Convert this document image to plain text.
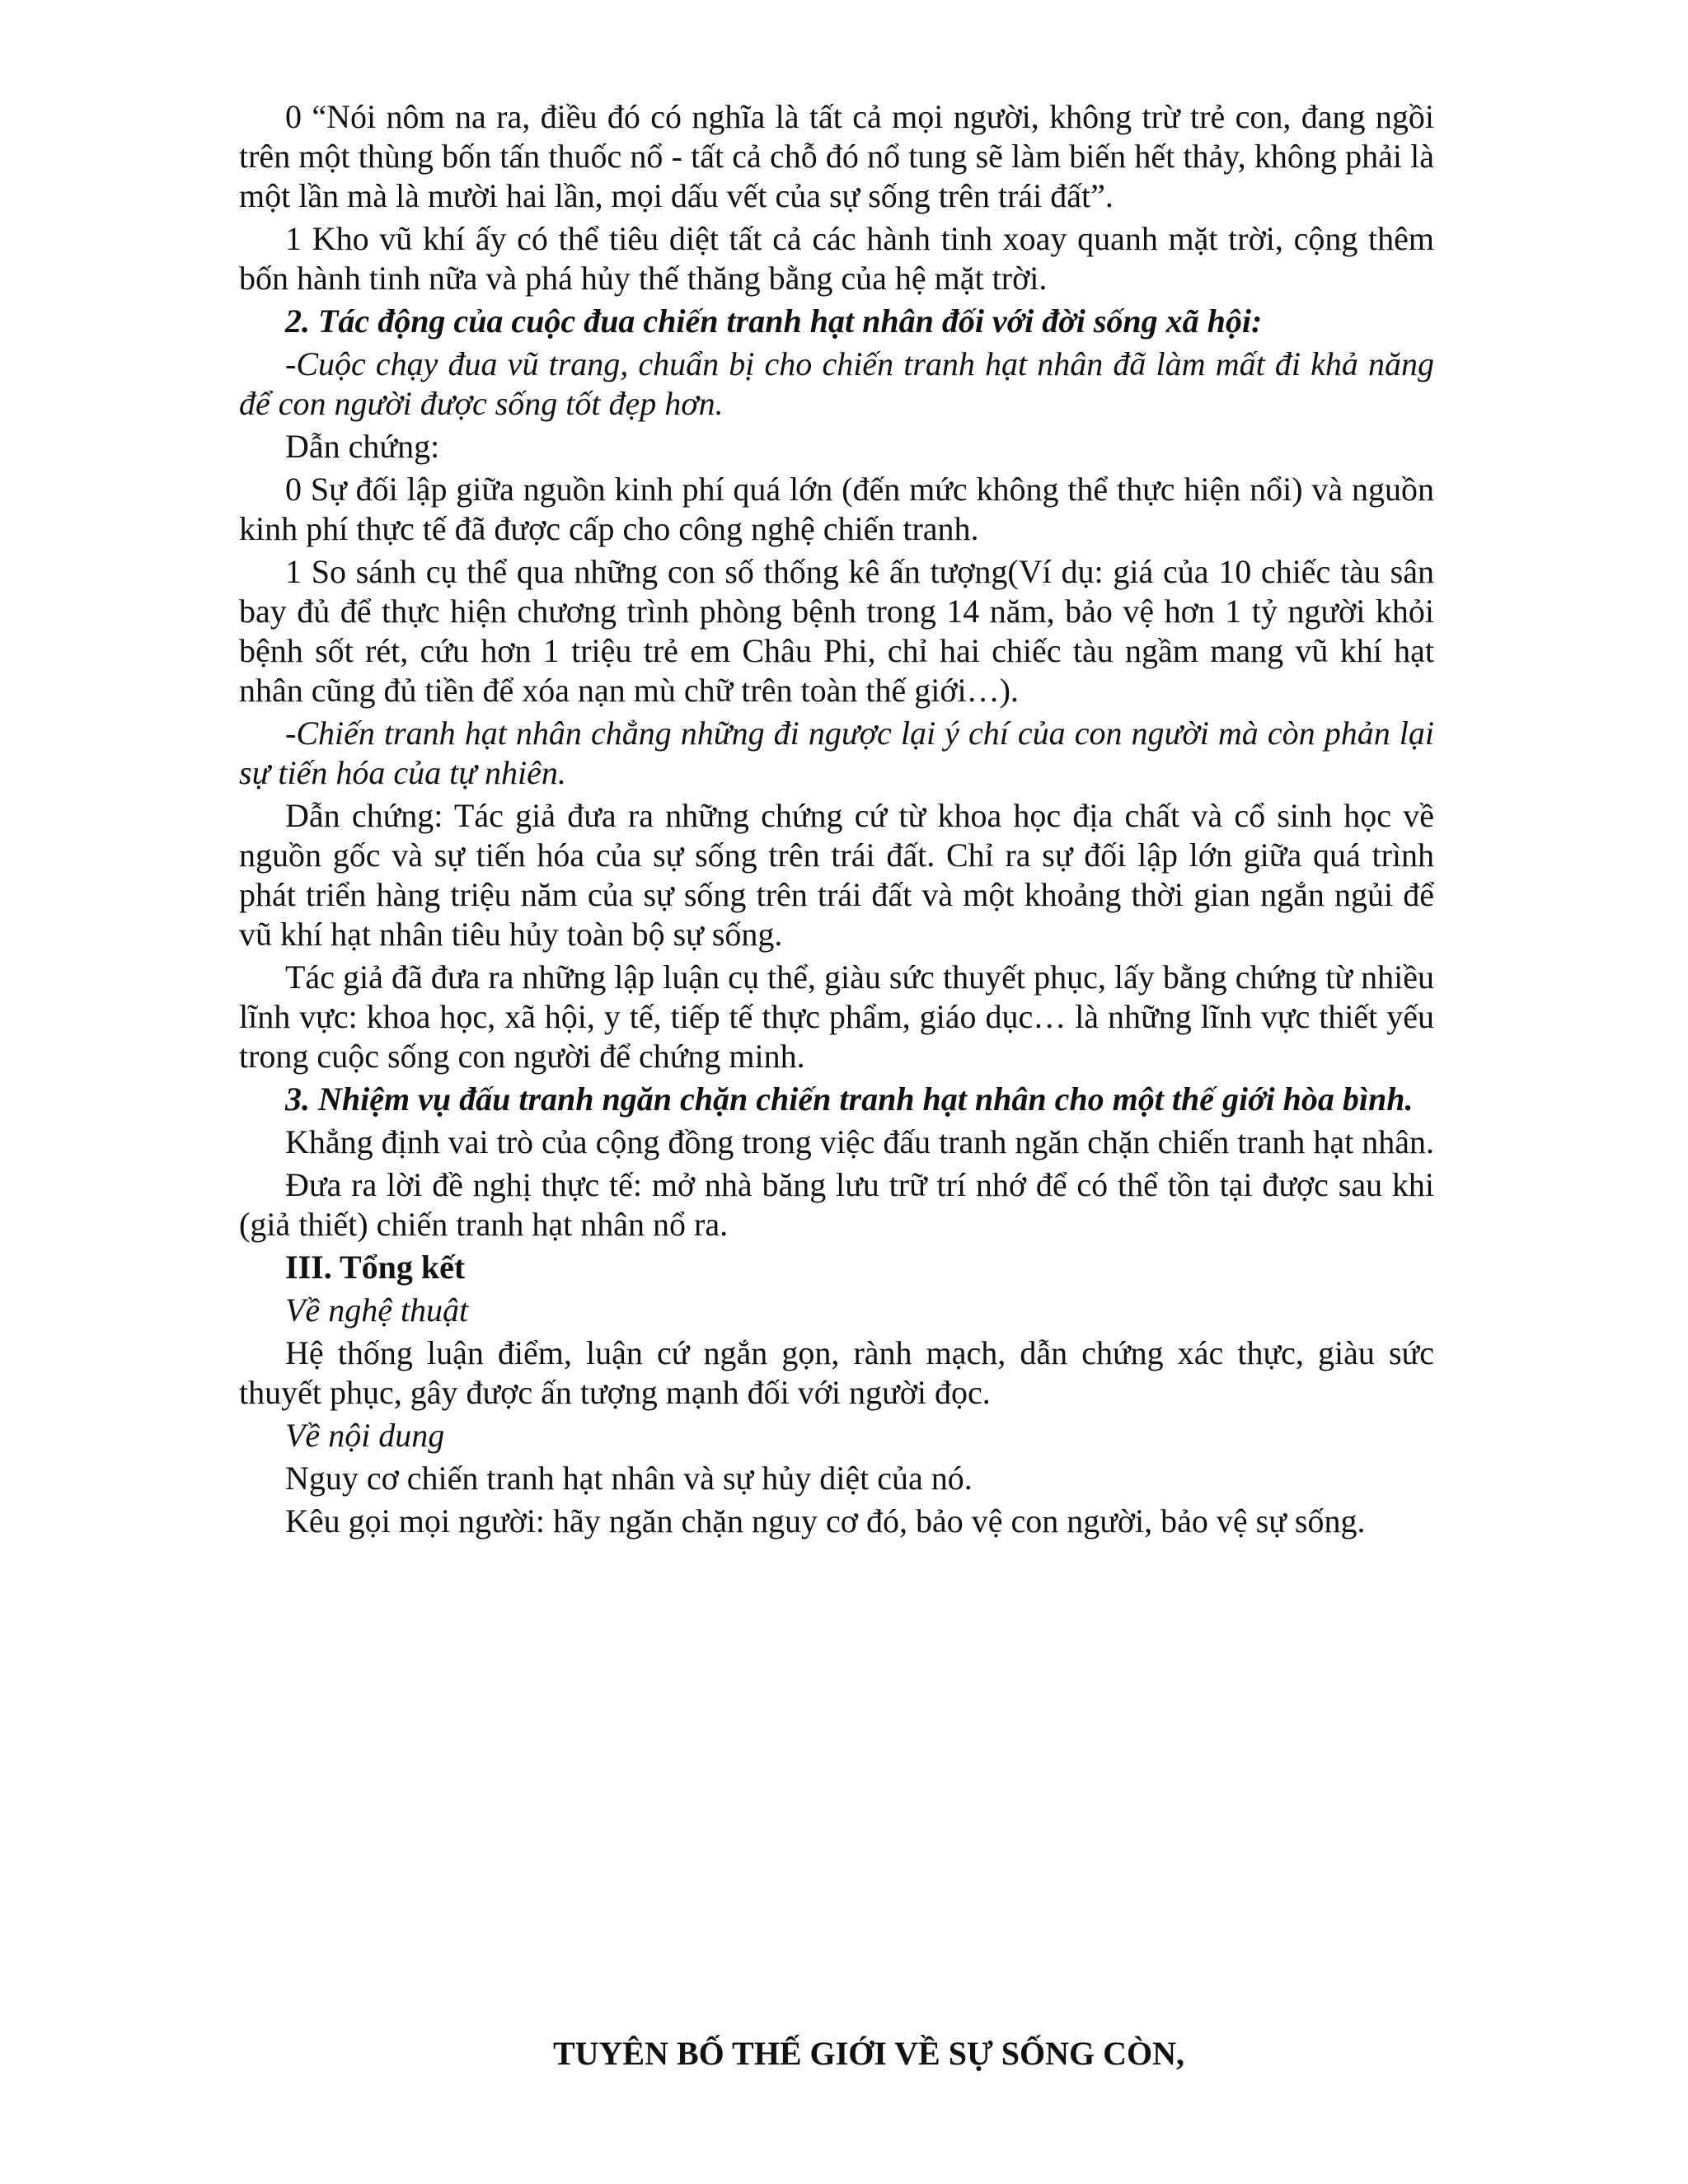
0 “Nói nôm na ra, điều đó có nghĩa là tất cả mọi người, không trừ trẻ con, đang ngồi trên một thùng bốn tấn thuốc nổ - tất cả chỗ đó nổ tung sẽ làm biến hết thảy, không phải là một lần mà là mười hai lần, mọi dấu vết của sự sống trên trái đất”.

1 Kho vũ khí ấy có thể tiêu diệt tất cả các hành tinh xoay quanh mặt trời, cộng thêm bốn hành tinh nữa và phá hủy thế thăng bằng của hệ mặt trời.

2. Tác động của cuộc đua chiến tranh hạt nhân đối với đời sống xã hội:

-Cuộc chạy đua vũ trang, chuẩn bị cho chiến tranh hạt nhân đã làm mất đi khả năng để con người được sống tốt đẹp hơn.

Dẫn chứng:

0 Sự đối lập giữa nguồn kinh phí quá lớn (đến mức không thể thực hiện nổi) và nguồn kinh phí thực tế đã được cấp cho công nghệ chiến tranh.

1 So sánh cụ thể qua những con số thống kê ấn tượng(Ví dụ: giá của 10 chiếc tàu sân bay đủ để thực hiện chương trình phòng bệnh trong 14 năm, bảo vệ hơn 1 tỷ người khỏi bệnh sốt rét, cứu hơn 1 triệu trẻ em Châu Phi, chỉ hai chiếc tàu ngầm mang vũ khí hạt nhân cũng đủ tiền để xóa nạn mù chữ trên toàn thế giới…).

-Chiến tranh hạt nhân chẳng những đi ngược lại ý chí của con người mà còn phản lại sự tiến hóa của tự nhiên.

Dẫn chứng: Tác giả đưa ra những chứng cứ từ khoa học địa chất và cổ sinh học về nguồn gốc và sự tiến hóa của sự sống trên trái đất. Chỉ ra sự đối lập lớn giữa quá trình phát triển hàng triệu năm của sự sống trên trái đất và một khoảng thời gian ngắn ngủi để vũ khí hạt nhân tiêu hủy toàn bộ sự sống.

Tác giả đã đưa ra những lập luận cụ thể, giàu sức thuyết phục, lấy bằng chứng từ nhiều lĩnh vực: khoa học, xã hội, y tế, tiếp tế thực phẩm, giáo dục… là những lĩnh vực thiết yếu trong cuộc sống con người để chứng minh.

3. Nhiệm vụ đấu tranh ngăn chặn chiến tranh hạt nhân cho một thế giới hòa bình.

Khẳng định vai trò của cộng đồng trong việc đấu tranh ngăn chặn chiến tranh hạt nhân.

Đưa ra lời đề nghị thực tế: mở nhà băng lưu trữ trí nhớ để có thể tồn tại được sau khi (giả thiết) chiến tranh hạt nhân nổ ra.

III. Tổng kết

Về nghệ thuật

Hệ thống luận điểm, luận cứ ngắn gọn, rành mạch, dẫn chứng xác thực, giàu sức thuyết phục, gây được ấn tượng mạnh đối với người đọc.

Về nội dung

Nguy cơ chiến tranh hạt nhân và sự hủy diệt của nó.

Kêu gọi mọi người: hãy ngăn chặn nguy cơ đó, bảo vệ con người, bảo vệ sự sống.

TUYÊN BỐ THẾ GIỚI VỀ SỰ SỐNG CÒN,
